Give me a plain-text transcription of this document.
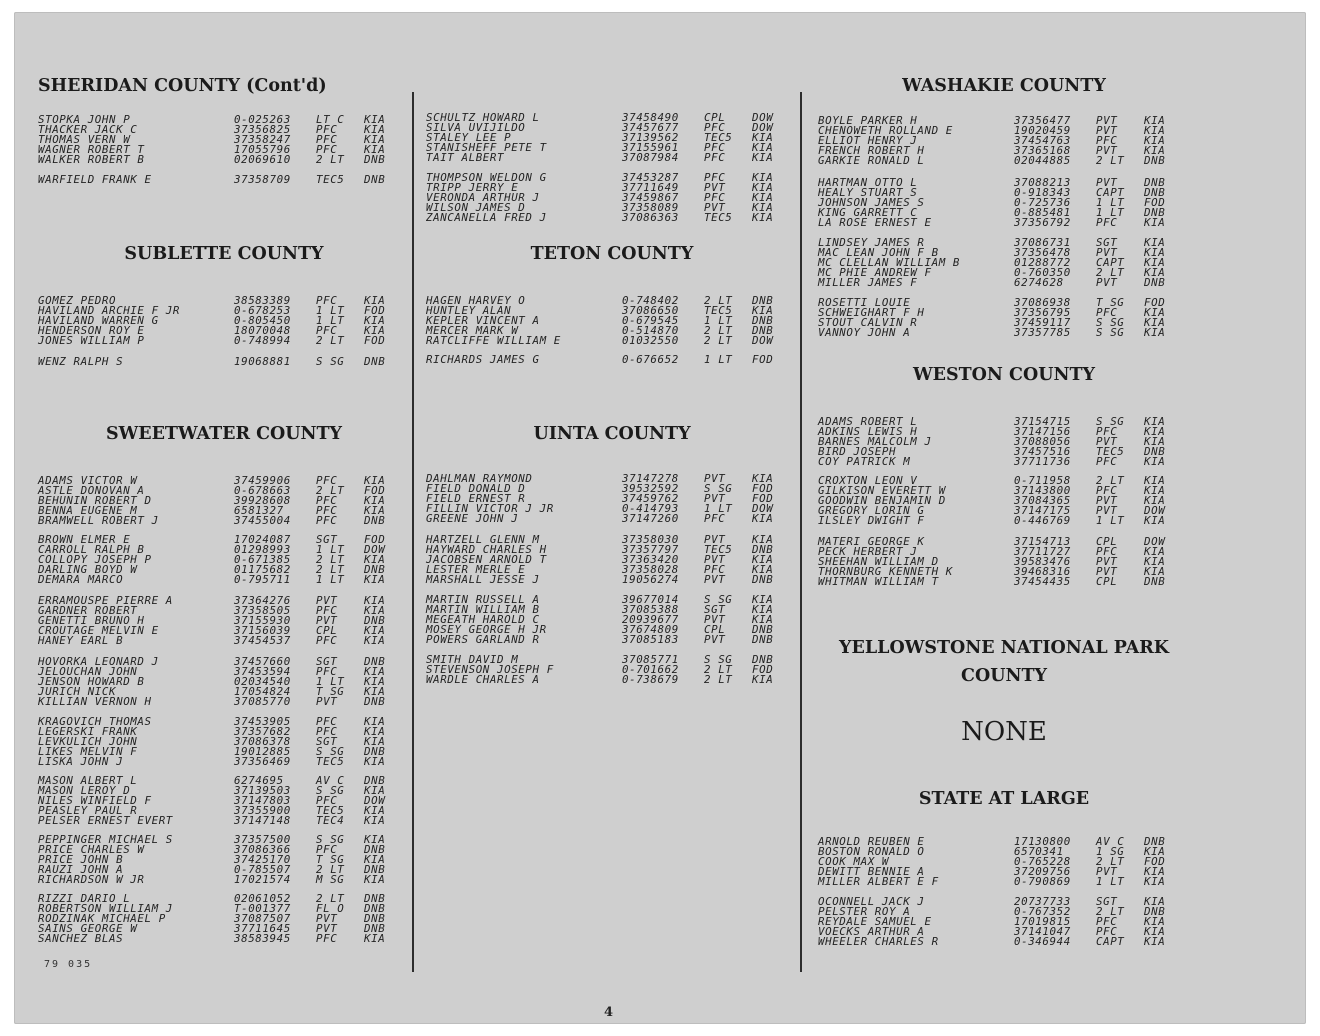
SHERIDAN COUNTY (Cont'd)
STOPKA JOHN P	0-025263 LT C KIA
THACKER JACK C	37356825 PFC KIA
THOMAS VERN W	37358247 PFC KIA
WAGNER ROBERT T	17055796 PFC KIA
WALKER ROBERT B	02069610 2 LT DNB
WARFIELD FRANK E	37358709 TEC5 DNB
SUBLETTE COUNTY
GOMEZ PEDRO	38583389 PFC KIA
HAVILAND ARCHIE F JR	0-678253 1 LT FOD
HAVILAND WARREN G	0-805450 1 LT KIA
HENDERSON ROY E	18070048 PFC KIA
JONES WILLIAM P	0-748994 2 LT FOD
WENZ RALPH S	19068881 S SG DNB
SWEETWATER COUNTY
ADAMS VICTOR W	37459906 PFC KIA
ASTLE DONOVAN A	0-678663 2 LT FOD
BEHUNIN ROBERT D	39928608 PFC KIA
BENNA EUGENE M	6581327	PFC KIA
BRAMWELL ROBERT J	37455004 PFC DNB
BROWN ELMER E	17024087 SGT FOD
CARROLL RALPH B	01298993 1 LT DOW
COLLOPY JOSEPH P	0-671385 2 LT KIA
DARLING BOYD W	01175682 2 LT DNB
DEMARA MARCO	0-795711 1 LT KIA
ERRAMOUSPE PIERRE A	37364276 PVT KIA
GARDNER ROBERT	37358505 PFC KIA
GENETTI BRUNO H	37155930 PVT DNB
CROUTAGE MELVIN E	37156039 CPL KIA
HANEY EARL B	37454537 PFC KIA
HOVORKA LEONARD J	37457660 SGT DNB
JELOUCHAN JOHN	37453594 PFC KIA
JENSON HOWARD B	02034540 1 LT KIA
JURICH NICK	17054824 T SG KIA
KILLIAN VERNON H	37085770 PVT DNB
KRAGOVICH THOMAS	37453905 PFC KIA
LEGERSKI FRANK	37357682 PFC KIA
LEVKULICH JOHN	37086378 SGT KIA
LIKES MELVIN F	19012885 S SG DNB
LISKA JOHN J	37356469 TEC5 KIA
MASON ALBERT L	6274695	AV C DNB
MASON LEROY D	37139503 S SG KIA
NILES WINFIELD F	37147803 PFC DOW
PEASLEY PAUL R	37355900 TEC5 KIA
PELSER ERNEST EVERT	37147148 TEC4 KIA
PEPPINGER MICHAEL S	37357500 S SG KIA
PRICE CHARLES W	37086366 PFC DNB
PRICE JOHN B	37425170 T SG KIA
RAUZI JOHN A	0-785507 2 LT DNB
RICHARDSON W JR	17021574 M SG KIA
RIZZI DARIO L	02061052 2 LT DNB
ROBERTSON WILLIAM J	T-001377 FL O DNB
RODZINAK MICHAEL P	37087507 PVT DNB
SAINS GEORGE W	37711645 PVT DNB
SANCHEZ BLAS	38583945 PFC KIA
SCHULTZ HOWARD L	37458490 CPL DOW
SILVA UVIJILDO	37457677 PFC DOW
STALEY LEE P	37139562 TEC5 KIA
STANISHEFF PETE T	37155961 PFC KIA
TAIT ALBERT	37087984 PFC KIA
THOMPSON WELDON G	37453287 PFC KIA
TRIPP JERRY E	37711649 PVT KIA
VERONDA ARTHUR J	37459867 PFC KIA
WILSON JAMES D	37358089 PVT KIA
ZANCANELLA FRED J	37086363 TEC5 KIA
TETON COUNTY
HAGEN HARVEY O	0-748402 2 LT DNB
HUNTLEY ALAN	37086650 TEC5 KIA
KEPLER VINCENT A	0-679545 1 LT DNB
MERCER MARK W	0-514870 2 LT DNB
RATCLIFFE WILLIAM E	01032550 2 LT DOW
RICHARDS JAMES G	0-676652 1 LT FOD
UINTA COUNTY
DAHLMAN RAYMOND	37147278 PVT KIA
FIELD DONALD D	39532592 S SG FOD
FIELD ERNEST R	37459762 PVT FOD
FILLIN VICTOR J JR	0-414793 1 LT DOW
GREENE JOHN J	37147260 PFC KIA
HARTZELL GLENN M	37358030 PVT KIA
HAYWARD CHARLES H	37357797 TEC5 DNB
JACOBSEN ARNOLD T	37363420 PVT KIA
LESTER MERLE E	37358028 PFC KIA
MARSHALL JESSE J	19056274 PVT DNB
MARTIN RUSSELL A	39677014 S SG KIA
MARTIN WILLIAM B	37085388 SGT KIA
MEGEATH HAROLD C	20939677 PVT KIA
MOSEY GEORGE H JR	37674809 CPL DNB
POWERS GARLAND R	37085183 PVT DNB
SMITH DAVID M	37085771 S SG DNB
STEVENSON JOSEPH F	0-701662 2 LT FOD
WARDLE CHARLES A	0-738679 2 LT KIA
WASHAKIE COUNTY
BOYLE PARKER H	37356477 PVT KIA
CHENOWETH ROLLAND E	19020459 PVT KIA
ELLIOT HENRY J	37454763 PFC KIA
FRENCH ROBERT H	37365168 PVT KIA
GARKIE RONALD L	02044885 2 LT DNB
HARTMAN OTTO L	37088213 PVT DNB
HEALY STUART S	0-918343 CAPT DNB
JOHNSON JAMES S	0-725736 1 LT FOD
KING GARRETT C	0-885481 1 LT DNB
LA ROSE ERNEST E	37356792 PFC KIA
LINDSEY JAMES R	37086731 SGT KIA
MAC LEAN JOHN F B	37356478 PVT KIA
MC CLELLAN WILLIAM B	01288772 CAPT KIA
MC PHIE ANDREW F	0-760350 2 LT KIA
MILLER JAMES F	6274628	PVT DNB
ROSETTI LOUIE	37086938 T SG FOD
SCHWEIGHART F H	37356795 PFC KIA
STOUT CALVIN R	37459117 S SG KIA
VANNOY JOHN A	37357785 S SG KIA
WESTON COUNTY
ADAMS ROBERT L	37154715 S SG KIA
ADKINS LEWIS H	37147156 PFC KIA
BARNES MALCOLM J	37088056 PVT KIA
BIRD JOSEPH	37457516 TEC5 DNB
COY PATRICK M	37711736 PFC KIA
CROXTON LEON V	0-711958 2 LT KIA
GILKISON EVERETT W	37143800 PFC KIA
GOODWIN BENJAMIN D	37084365 PVT KIA
GREGORY LORIN G	37147175 PVT DOW
ILSLEY DWIGHT F	0-446769 1 LT KIA
MATERI GEORGE K	37154713 CPL DOW
PECK HERBERT J	37711727 PFC KIA
SHEEHAN WILLIAM D	39583476 PVT KIA
THORNBURG KENNETH K	39468316 PVT KIA
WHITMAN WILLIAM T	37454435 CPL DNB
YELLOWSTONE NATIONAL PARK
COUNTY
NONE
STATE AT LARGE
ARNOLD REUBEN E	17130800 AV C DNB
BOSTON RONALD O	6570341	1 SG KIA
COOK MAX W	0-765228 2 LT FOD
DEWITT BENNIE A	37209756 PVT KIA
MILLER ALBERT E F	0-790869 1 LT KIA
OCONNELL JACK J	20737733 SGT KIA
PELSTER ROY A	0-767352 2 LT DNB
REYDALE SAMUEL E	17019815 PFC KIA
VOECKS ARTHUR A	37141047 PFC KIA
WHEELER CHARLES R	0-346944 CAPT KIA
79 035
4
